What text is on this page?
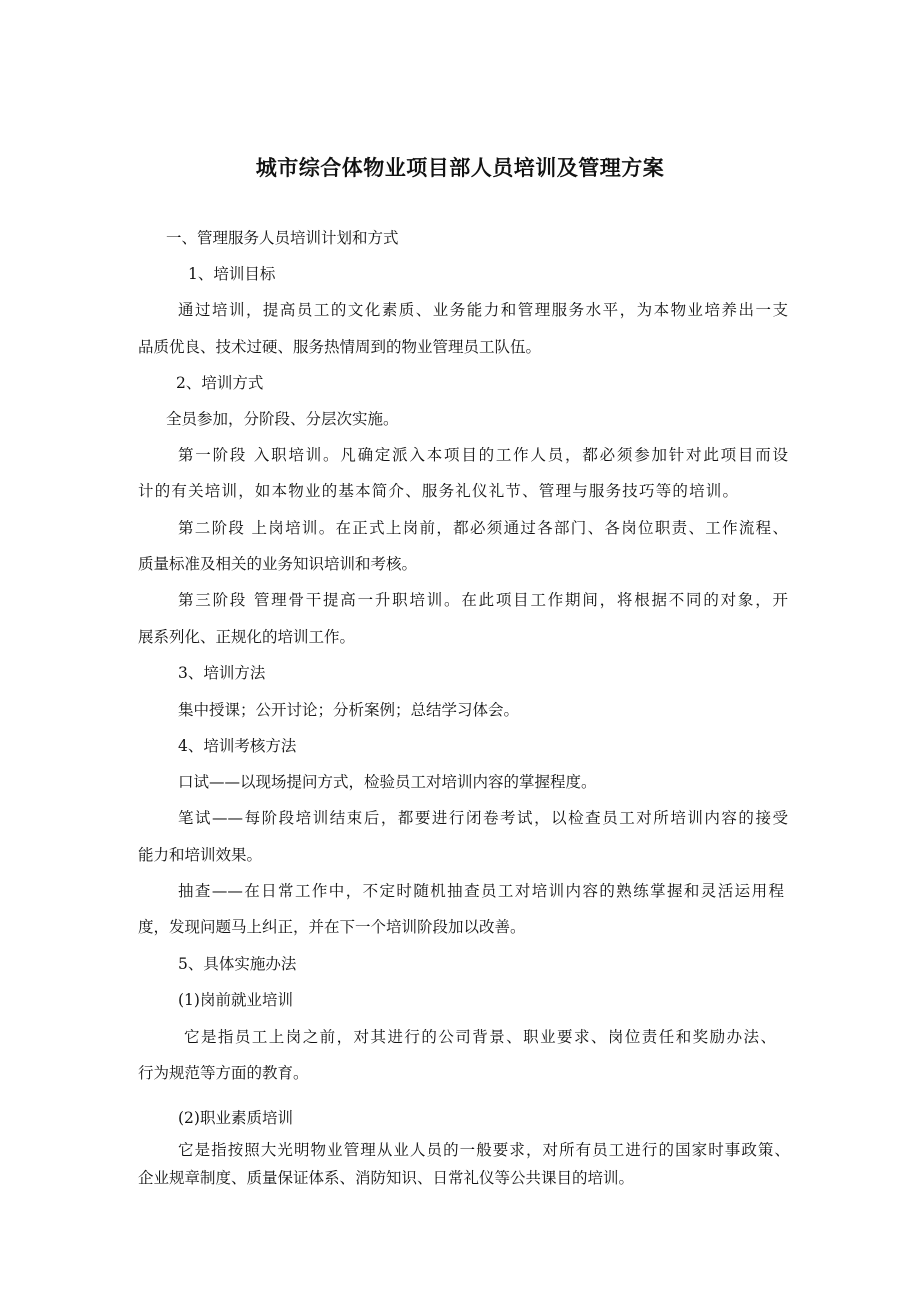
城市综合体物业项目部人员培训及管理方案
一、管理服务人员培训计划和方式
1、培训目标
通过培训，提高员工的文化素质、业务能力和管理服务水平，为本物业培养出一支
品质优良、技术过硬、服务热情周到的物业管理员工队伍。
2、培训方式
全员参加，分阶段、分层次实施。
第一阶段 入职培训。凡确定派入本项目的工作人员，都必须参加针对此项目而设
计的有关培训，如本物业的基本简介、服务礼仪礼节、管理与服务技巧等的培训。
第二阶段 上岗培训。在正式上岗前，都必须通过各部门、各岗位职责、工作流程、
质量标准及相关的业务知识培训和考核。
第三阶段 管理骨干提高一升职培训。在此项目工作期间，将根据不同的对象，开
展系列化、正规化的培训工作。
3、培训方法
集中授课；公开讨论；分析案例；总结学习体会。
4、培训考核方法
口试——以现场提问方式，检验员工对培训内容的掌握程度。
笔试——每阶段培训结束后，都要进行闭卷考试，以检查员工对所培训内容的接受
能力和培训效果。
抽查——在日常工作中，不定时随机抽查员工对培训内容的熟练掌握和灵活运用程
度，发现问题马上纠正，并在下一个培训阶段加以改善。
5、具体实施办法
(1)岗前就业培训
它是指员工上岗之前，对其进行的公司背景、职业要求、岗位责任和奖励办法、
行为规范等方面的教育。
(2)职业素质培训
它是指按照大光明物业管理从业人员的一般要求，对所有员工进行的国家时事政策、
企业规章制度、质量保证体系、消防知识、日常礼仪等公共课目的培训。
